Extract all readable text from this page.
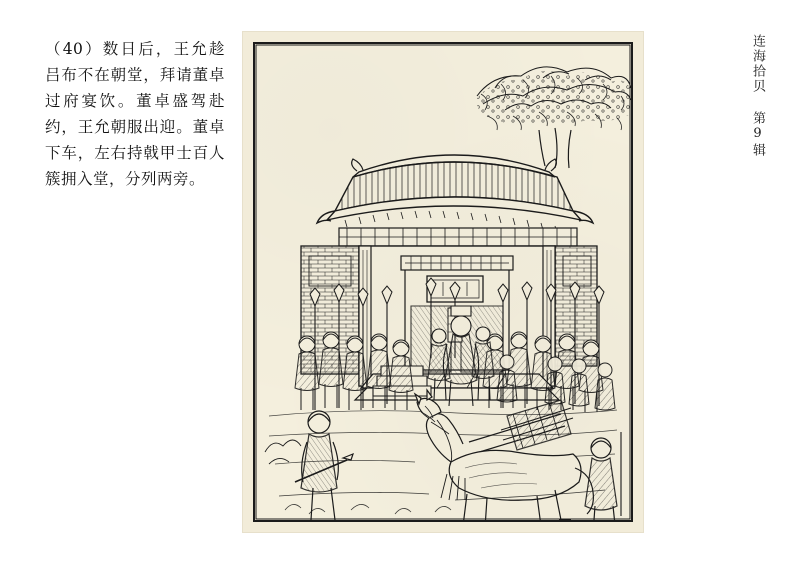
（40）数日后，王允趁吕布不在朝堂，拜请董卓过府宴饮。董卓盛驾赴约，王允朝服出迎。董卓下车，左右持戟甲士百人簇拥入堂，分列两旁。
连海拾贝 第9辑
